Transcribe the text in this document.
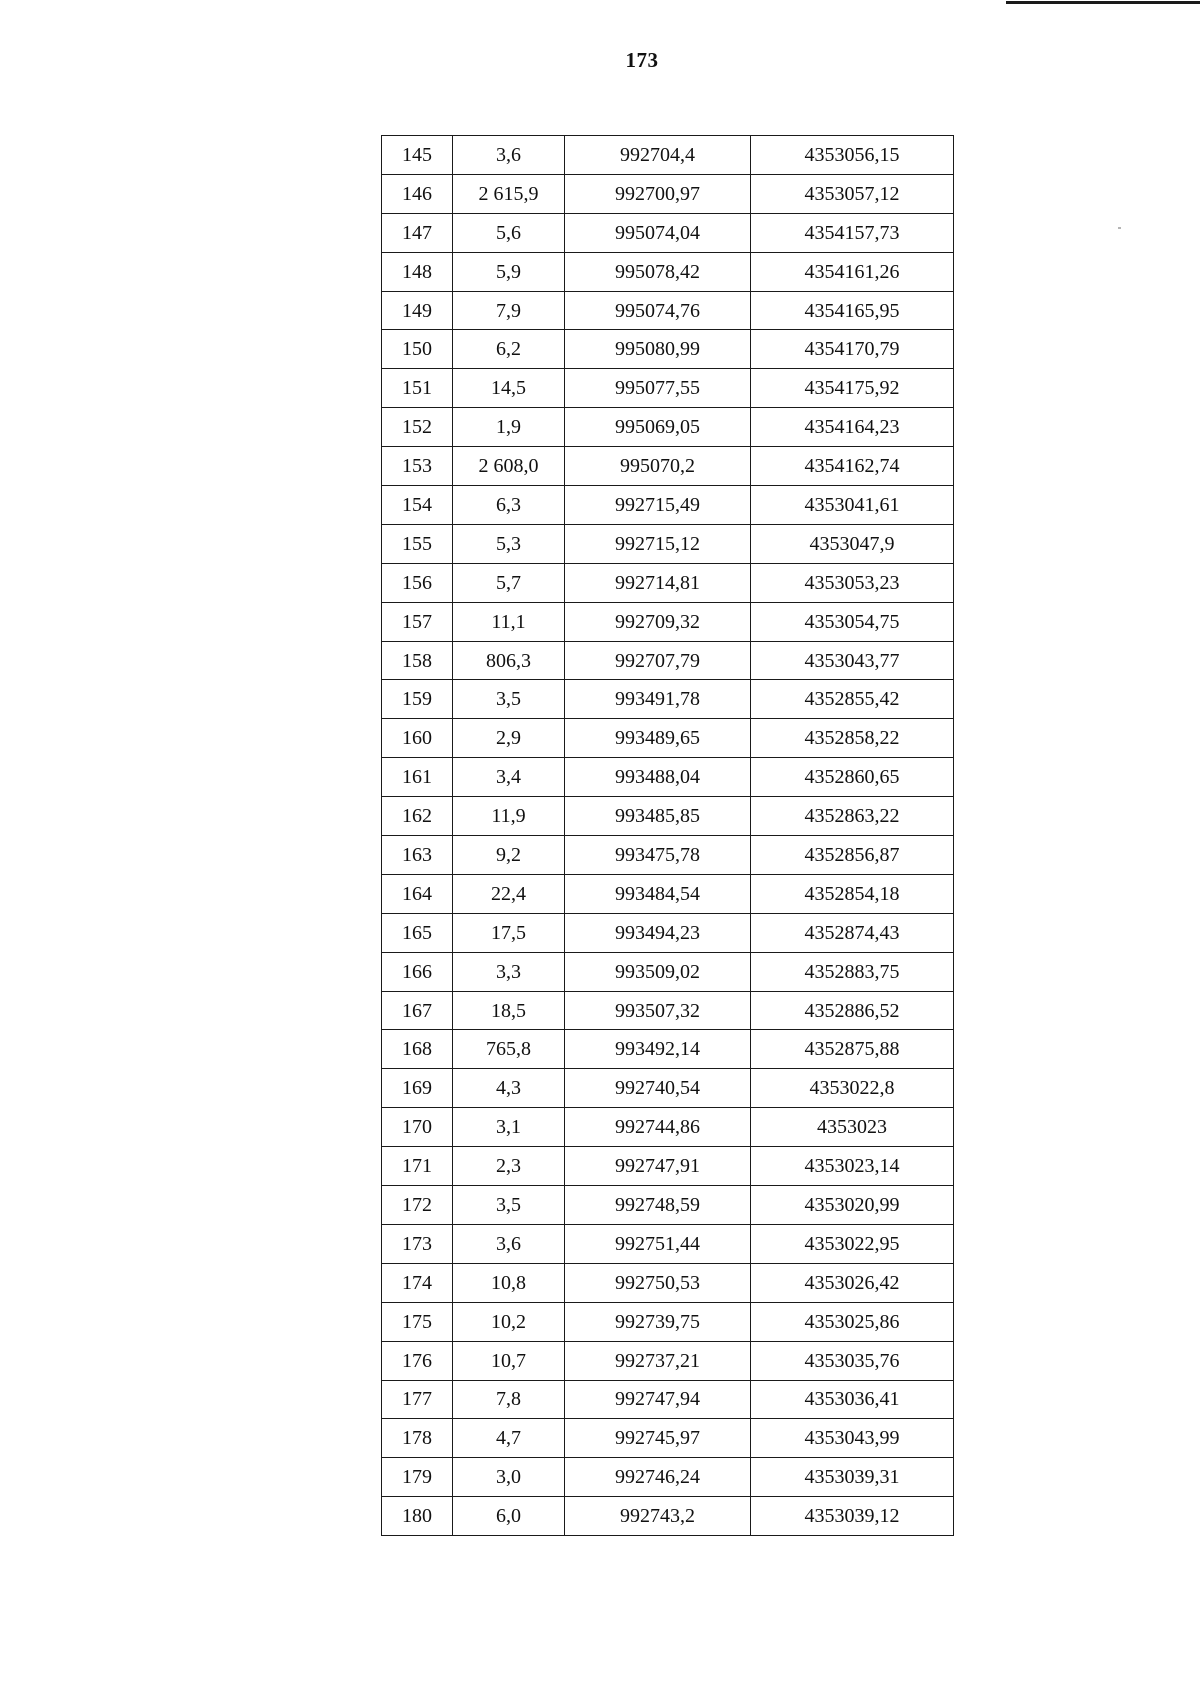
173
145	3,6	992704,4	4353056,15
146	2 615,9	992700,97	4353057,12
147	5,6	995074,04	4354157,73
148	5,9	995078,42	4354161,26
149	7,9	995074,76	4354165,95
150	6,2	995080,99	4354170,79
151	14,5	995077,55	4354175,92
152	1,9	995069,05	4354164,23
153	2 608,0	995070,2	4354162,74
154	6,3	992715,49	4353041,61
155	5,3	992715,12	4353047,9
156	5,7	992714,81	4353053,23
157	11,1	992709,32	4353054,75
158	806,3	992707,79	4353043,77
159	3,5	993491,78	4352855,42
160	2,9	993489,65	4352858,22
161	3,4	993488,04	4352860,65
162	11,9	993485,85	4352863,22
163	9,2	993475,78	4352856,87
164	22,4	993484,54	4352854,18
165	17,5	993494,23	4352874,43
166	3,3	993509,02	4352883,75
167	18,5	993507,32	4352886,52
168	765,8	993492,14	4352875,88
169	4,3	992740,54	4353022,8
170	3,1	992744,86	4353023
171	2,3	992747,91	4353023,14
172	3,5	992748,59	4353020,99
173	3,6	992751,44	4353022,95
174	10,8	992750,53	4353026,42
175	10,2	992739,75	4353025,86
176	10,7	992737,21	4353035,76
177	7,8	992747,94	4353036,41
178	4,7	992745,97	4353043,99
179	3,0	992746,24	4353039,31
180	6,0	992743,2	4353039,12
